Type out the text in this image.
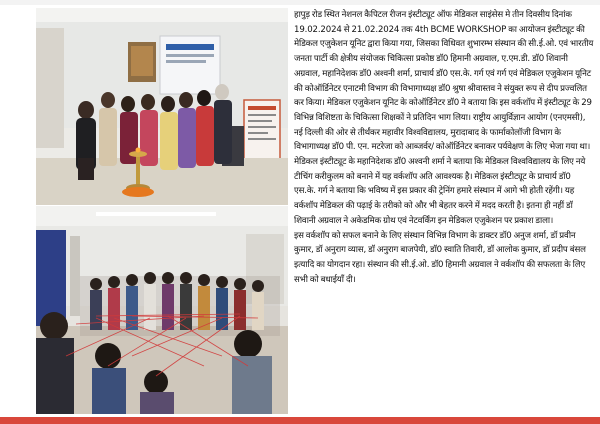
हापुड़ रोड स्थित नेशनल कैपिटल रीजन इंस्टीट्यूट ऑफ मेडिकल साइंसेस मे तीन दिवसीय दिनांक 19.02.2024 से 21.02.2024 तक 4th BCME WORKSHOP का आयोजन इंस्टीट्यूट की मेडिकल एजुकेशन यूनिट द्वारा किया गया, जिसका विधिवत शुभारम्भ संस्थान की सी.ई.ओ. एवं भारतीय जनता पार्टी की क्षेत्रीय संयोजक चिकित्सा प्रकोष्ठ डॉ0 हिमानी अग्रवाल, ए.एम.डी. डॉ0 शिवानी अग्रवाल, महानिदेशक डॉ0 अश्वनी शर्मा, प्राचार्य डॉ0 एस.के. गर्ग एवं गर्ग एवं मेडिकल एजुकेशन यूनिट की कोऑर्डिनेटर एनाटमी विभाग की विभागाध्यक्ष डॉ0 श्रुषा श्रीवास्तव ने संयुक्त रूप से दीप प्रज्वलित कर किया। मेडिकल एजुकेशन यूनिट के कोऑर्डिनेटर डॉ0 ने बताया कि इस वर्कशॉप में इंस्टीट्यूट के 29 विभिन्न विशिष्टता के चिकित्सा शिक्षकों ने प्रतिदिन भाग लिया। राष्ट्रीय आयुर्विज्ञान आयोग (एनएमसी), नई दिल्ली की ओर से तीर्थंकर महावीर विश्वविद्यालय, मुरादाबाद के फार्माकोलॉजी विभाग के विभागाध्यक्ष डॉ0 पी. एन. मटरेजा को आब्जर्वर/ कोऑर्डिनेटर बनाकर पर्यवेक्षण के लिए भेजा गया था। मेडिकल इंस्टीट्यूट के महानिदेशक डॉ0 अश्वनी शर्मा ने बताया कि मेडिकल विश्वविद्यालय के लिए नये टीचिंग करीकुलम को बनाने में यह वर्कशॉप अति आवश्यक है। मेडिकल इंस्टीट्यूट के प्राचार्य डॉ0 एस.के. गर्ग ने बताया कि भविष्य में इस प्रकार की ट्रेनिंग हमारे संस्थान में आगे भी होती रहेंगी। यह वर्कशॉप मेडिकल की पढ़ाई के तरीको को और भी बेहतर करने में मदद करती है। इतना ही नहीं डॉ शिवानी अग्रवाल ने अकेडमिक ग्रोथ एवं नेटवर्किंग इन मेडिकल एजुकेशन पर प्रकाश डाला।

इस वर्कशॉप को सफल बनाने के लिए संस्थान विभिन्न विभाग के डाक्टर डॉ0 अनुज शर्मा, डॉ प्रवीन कुमार, डॉ अनुराग व्यास, डॉ अनुराग बाजपेयी, डॉ0 स्वाति तिवारी, डॉ आलोक कुमार, डॉ प्रदीप बंसल इत्यादि का योगदान रहा। संस्थान की सी.ई.ओ. डॉ0 हिमानी अग्रवाल ने वर्कशॉप की सफलता के लिए सभी को बधाईयाँ दी।
